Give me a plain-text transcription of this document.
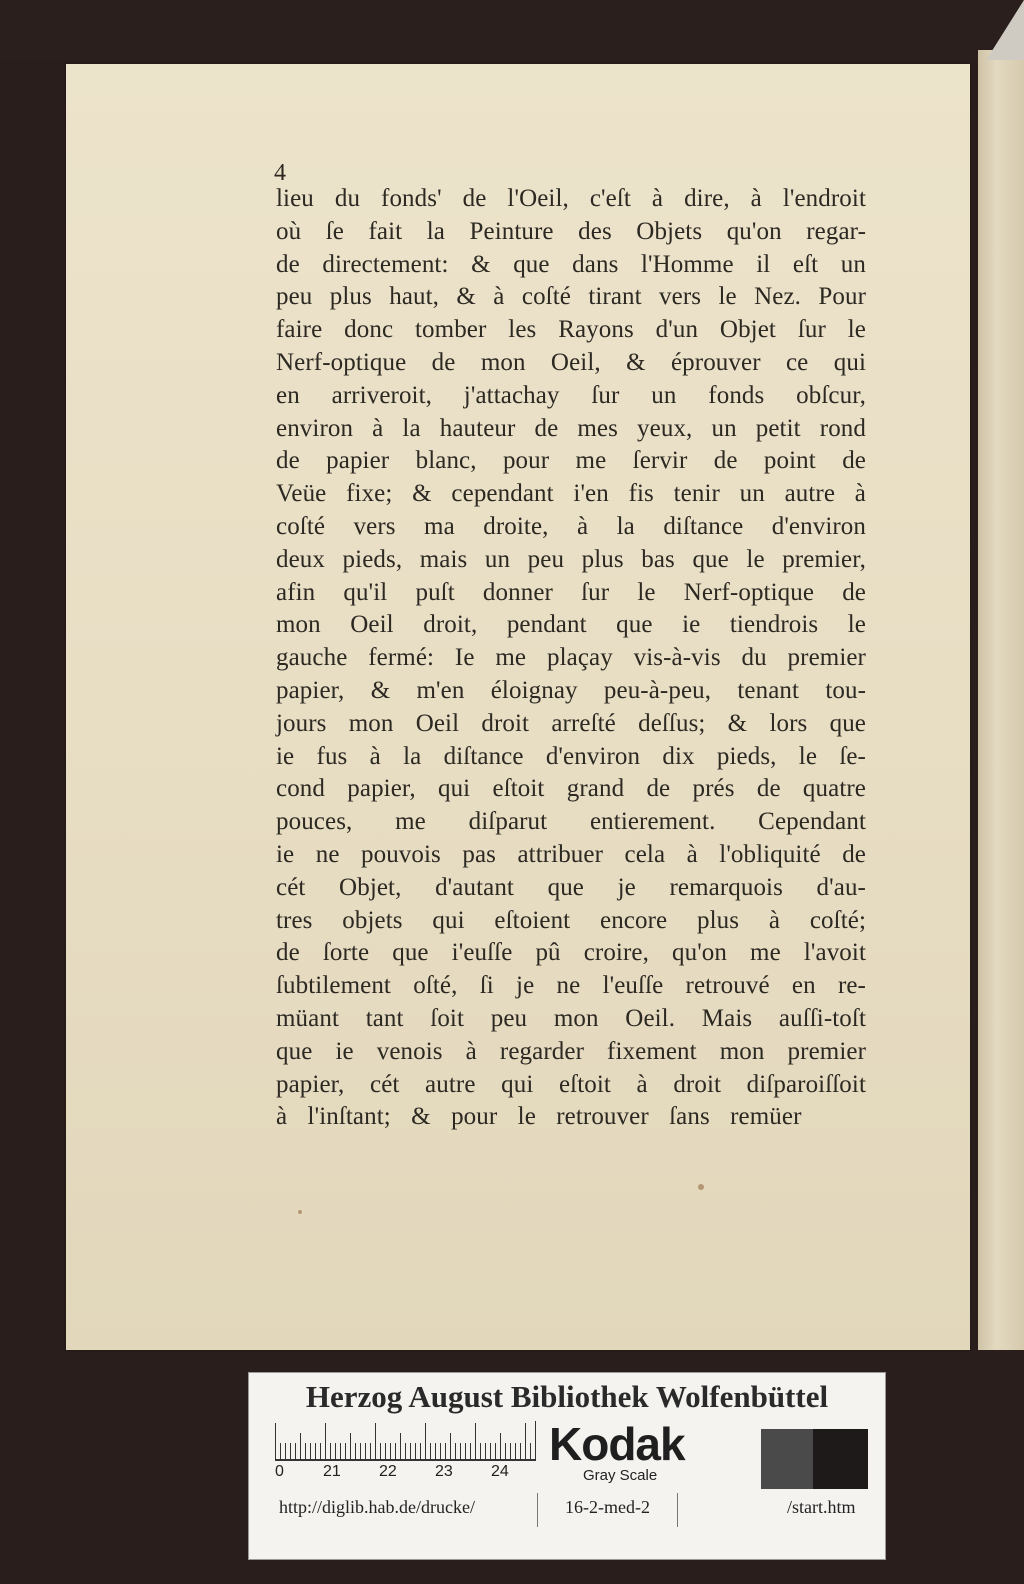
4
lieu du fonds' de l'Oeil, c'eſt à dire, à l'endroit
où ſe fait la Peinture des Objets qu'on regar-
de directement: & que dans l'Homme il eſt un
peu plus haut, & à coſté tirant vers le Nez. Pour
faire donc tomber les Rayons d'un Objet ſur le
Nerf-optique de mon Oeil, & éprouver ce qui
en arriveroit, j'attachay ſur un fonds obſcur,
environ à la hauteur de mes yeux, un petit rond
de papier blanc, pour me ſervir de point de
Veüe fixe; & cependant i'en fis tenir un autre à
coſté vers ma droite, à la diſtance d'environ
deux pieds, mais un peu plus bas que le premier,
afin qu'il puſt donner ſur le Nerf-optique de
mon Oeil droit, pendant que ie tiendrois le
gauche fermé: Ie me plaçay vis-à-vis du premier
papier, & m'en éloignay peu-à-peu, tenant tou-
jours mon Oeil droit arreſté deſſus; & lors que
ie fus à la diſtance d'environ dix pieds, le ſe-
cond papier, qui eſtoit grand de prés de quatre
pouces, me diſparut entierement. Cependant
ie ne pouvois pas attribuer cela à l'obliquité de
cét Objet, d'autant que je remarquois d'au-
tres objets qui eſtoient encore plus à coſté;
de ſorte que i'euſſe pû croire, qu'on me l'avoit
ſubtilement oſté, ſi je ne l'euſſe retrouvé en re-
müant tant ſoit peu mon Oeil. Mais auſſi-toſt
que ie venois à regarder fixement mon premier
papier, cét autre qui eſtoit à droit diſparoiſſoit
à l'inſtant; & pour le retrouver ſans remüer
Herzog August Bibliothek Wolfenbüttel
0 21 22 23 24
Kodak
Gray Scale
http://diglib.hab.de/drucke/	16-2-med-2	/start.htm
